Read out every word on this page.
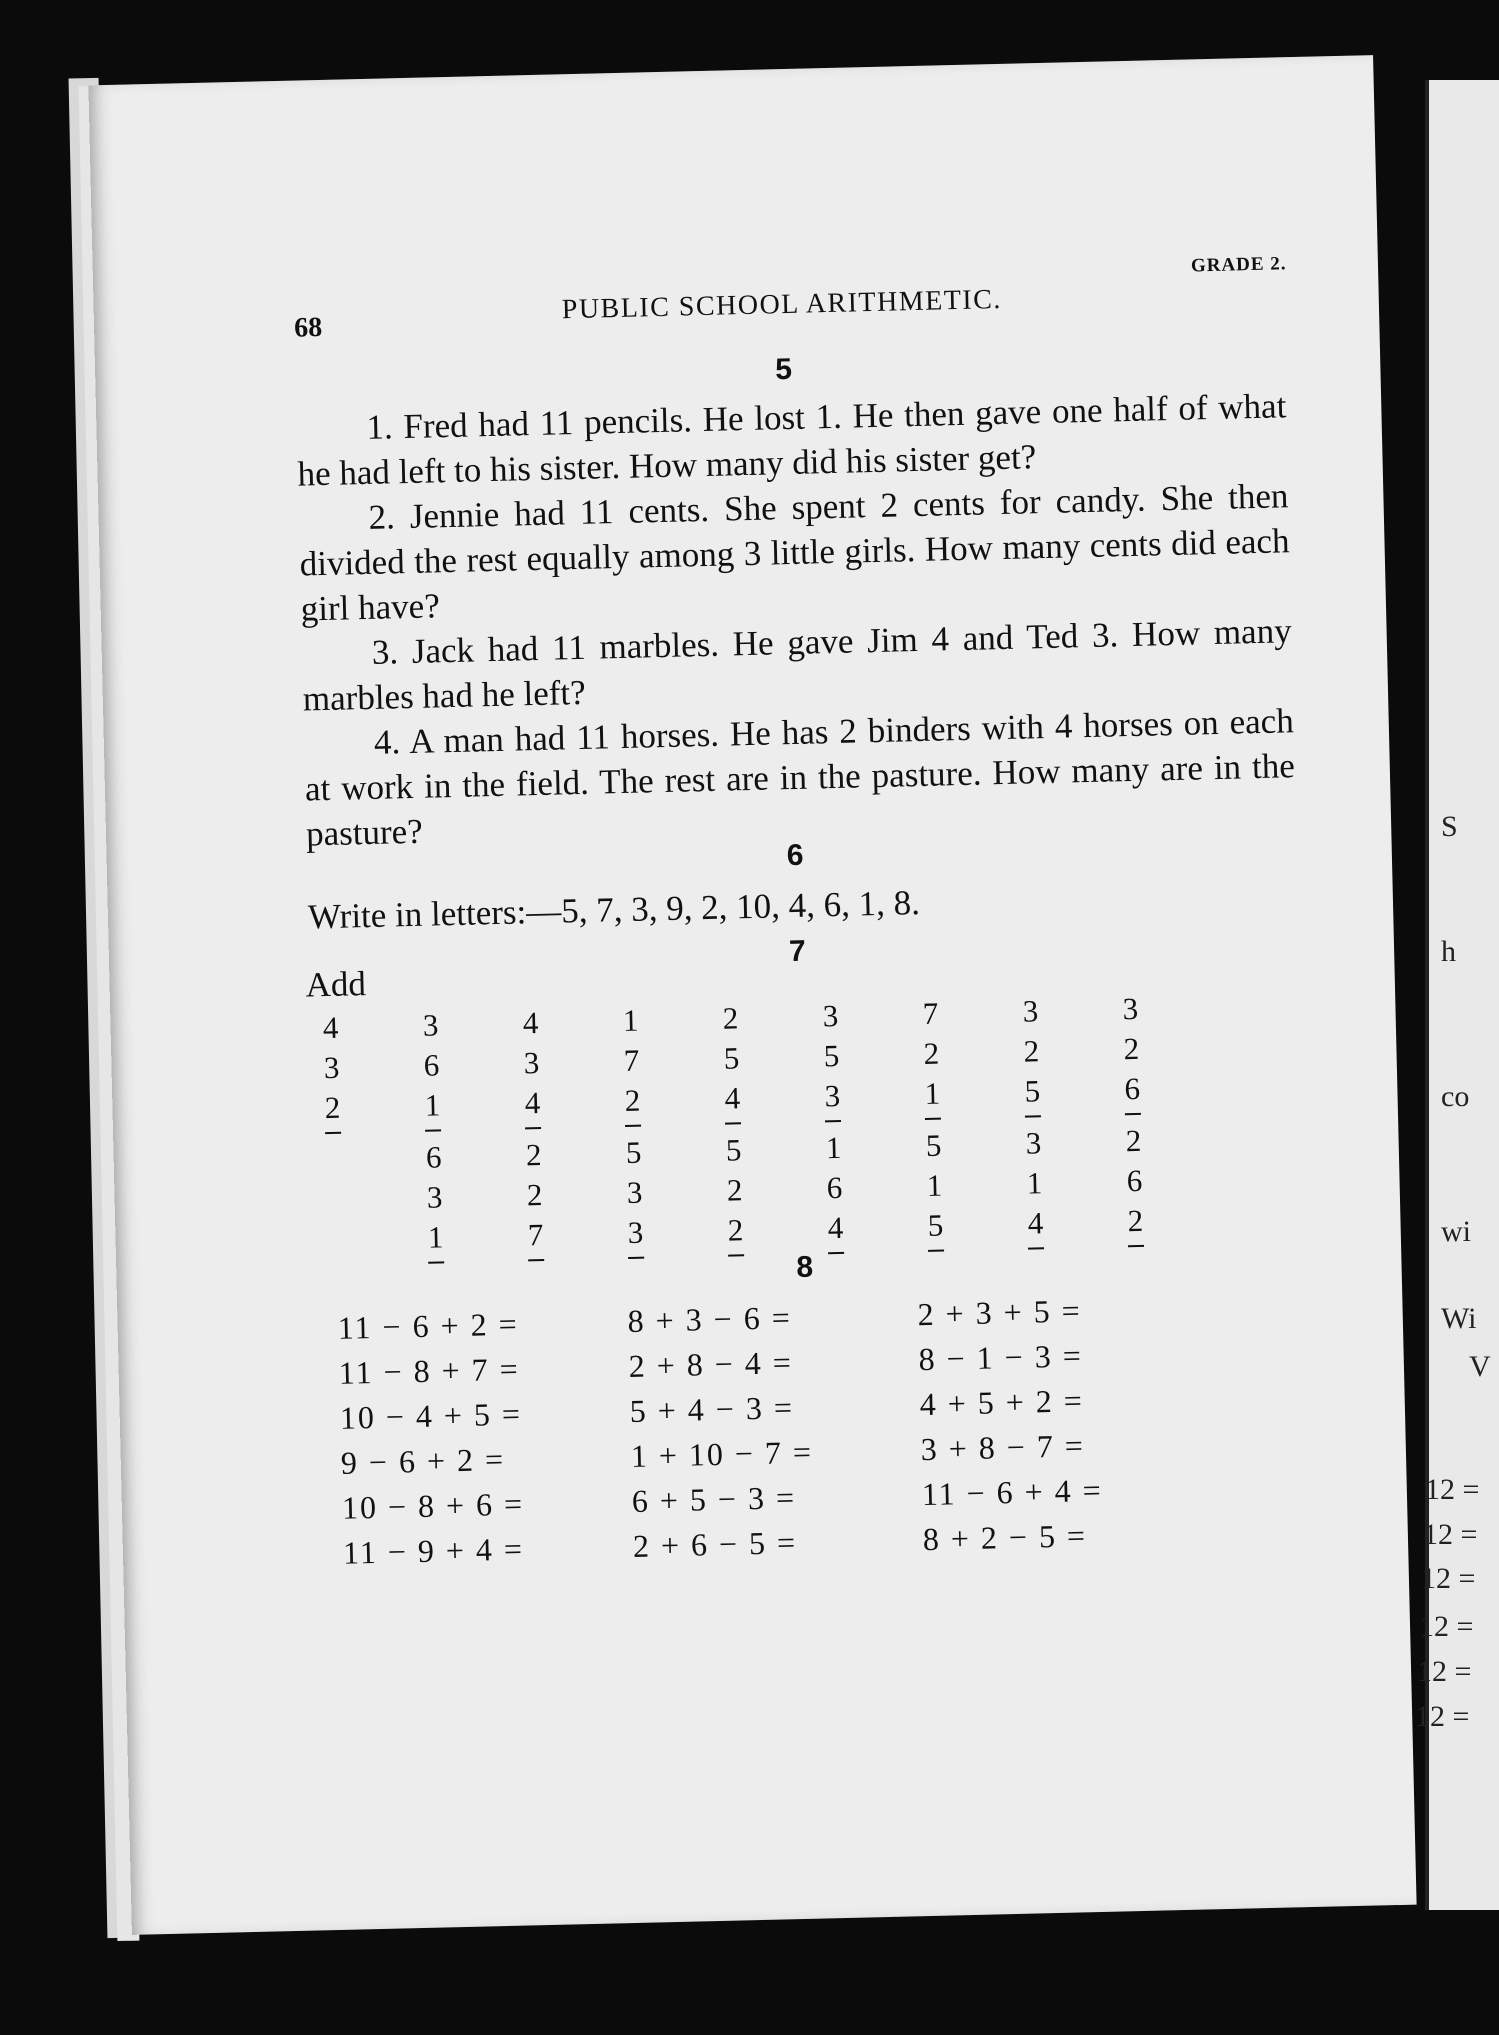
S
h
co
wi
Wi
V
12 =
12 =
12 =
12 =
12 =
12 =
68
PUBLIC SCHOOL ARITHMETIC.
GRADE 2.
5

1. Fred had 11 pencils. He lost 1. He then gave one half of what he had left to his sister. How many did his sister get?

2. Jennie had 11 cents. She spent 2 cents for candy. She then divided the rest equally among 3 little girls. How many cents did each girl have?

3. Jack had 11 marbles. He gave Jim 4 and Ted 3. How many marbles had he left?

4. A man had 11 horses. He has 2 binders with 4 horses on each at work in the field. The rest are in the pasture. How many are in the pasture?

6
Write in letters:—5, 7, 3, 9, 2, 10, 4, 6, 1, 8.
7
Add
8
4
3
2
3
6
1
4
3
4
1
7
2
2
5
4
3
5
3
7
2
1
3
2
5
3
2
6
6
3
1
2
2
7
5
3
3
5
2
2
1
6
4
5
1
5
3
1
4
2
6
2
11 − 6 + 2 =
11 − 8 + 7 =
10 − 4 + 5 =
9 − 6 + 2 =
10 − 8 + 6 =
11 − 9 + 4 =
8 + 3 − 6 =
2 + 8 − 4 =
5 + 4 − 3 =
1 + 10 − 7 =
6 + 5 − 3 =
2 + 6 − 5 =
2 + 3 + 5 =
8 − 1 − 3 =
4 + 5 + 2 =
3 + 8 − 7 =
11 − 6 + 4 =
8 + 2 − 5 =
